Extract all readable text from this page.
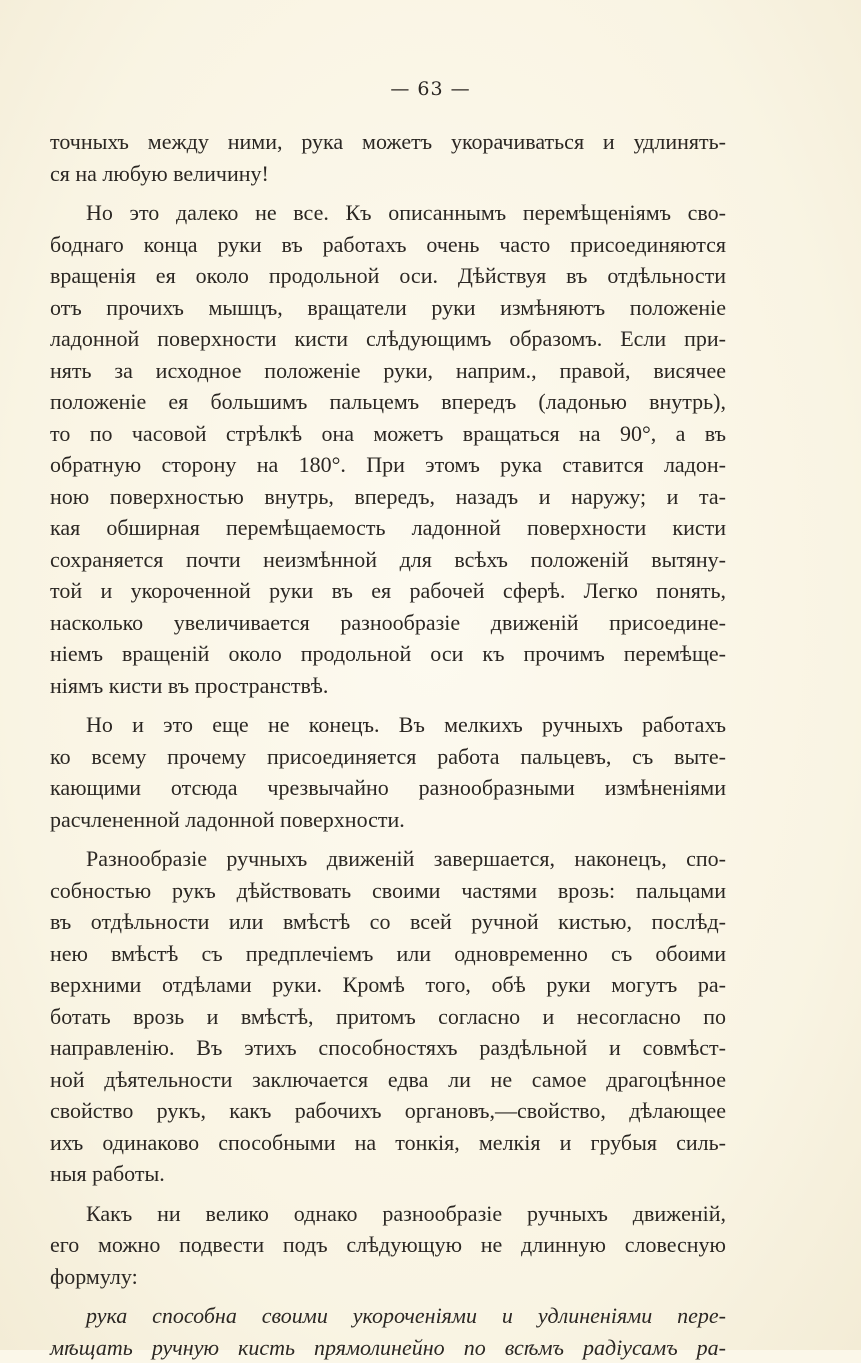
— 63 —
точныхъ между ними, рука можетъ укорачиваться и удлинять-
ся на любую величину!
Но это далеко не все. Къ описаннымъ перемѣщеніямъ сво-
боднаго конца руки въ работахъ очень часто присоединяются
вращенія ея около продольной оси. Дѣйствуя въ отдѣльности
отъ прочихъ мышцъ, вращатели руки измѣняютъ положеніе
ладонной поверхности кисти слѣдующимъ образомъ. Если при-
нять за исходное положеніе руки, наприм., правой, висячее
положеніе ея большимъ пальцемъ впередъ (ладонью внутрь),
то по часовой стрѣлкѣ она можетъ вращаться на 90°, а въ
обратную сторону на 180°. При этомъ рука ставится ладон-
ною поверхностью внутрь, впередъ, назадъ и наружу; и та-
кая обширная перемѣщаемость ладонной поверхности кисти
сохраняется почти неизмѣнной для всѣхъ положеній вытяну-
той и укороченной руки въ ея рабочей сферѣ. Легко понять,
насколько увеличивается разнообразіе движеній присоедине-
ніемъ вращеній около продольной оси къ прочимъ перемѣще-
ніямъ кисти въ пространствѣ.
Но и это еще не конецъ. Въ мелкихъ ручныхъ работахъ
ко всему прочему присоединяется работа пальцевъ, съ выте-
кающими отсюда чрезвычайно разнообразными измѣненіями
расчлененной ладонной поверхности.
Разнообразіе ручныхъ движеній завершается, наконецъ, спо-
собностью рукъ дѣйствовать своими частями врозь: пальцами
въ отдѣльности или вмѣстѣ со всей ручной кистью, послѣд-
нею вмѣстѣ съ предплечіемъ или одновременно съ обоими
верхними отдѣлами руки. Кромѣ того, обѣ руки могутъ ра-
ботать врозь и вмѣстѣ, притомъ согласно и несогласно по
направленію. Въ этихъ способностяхъ раздѣльной и совмѣст-
ной дѣятельности заключается едва ли не самое драгоцѣнное
свойство рукъ, какъ рабочихъ органовъ,—свойство, дѣлающее
ихъ одинаково способными на тонкія, мелкія и грубыя силь-
ныя работы.
Какъ ни велико однако разнообразіе ручныхъ движеній,
его можно подвести подъ слѣдующую не длинную словесную
формулу:
рука способна своими укороченіями и удлиненіями пере-
мѣщать ручную кисть прямолинейно по всѣмъ радіусамъ ра-
